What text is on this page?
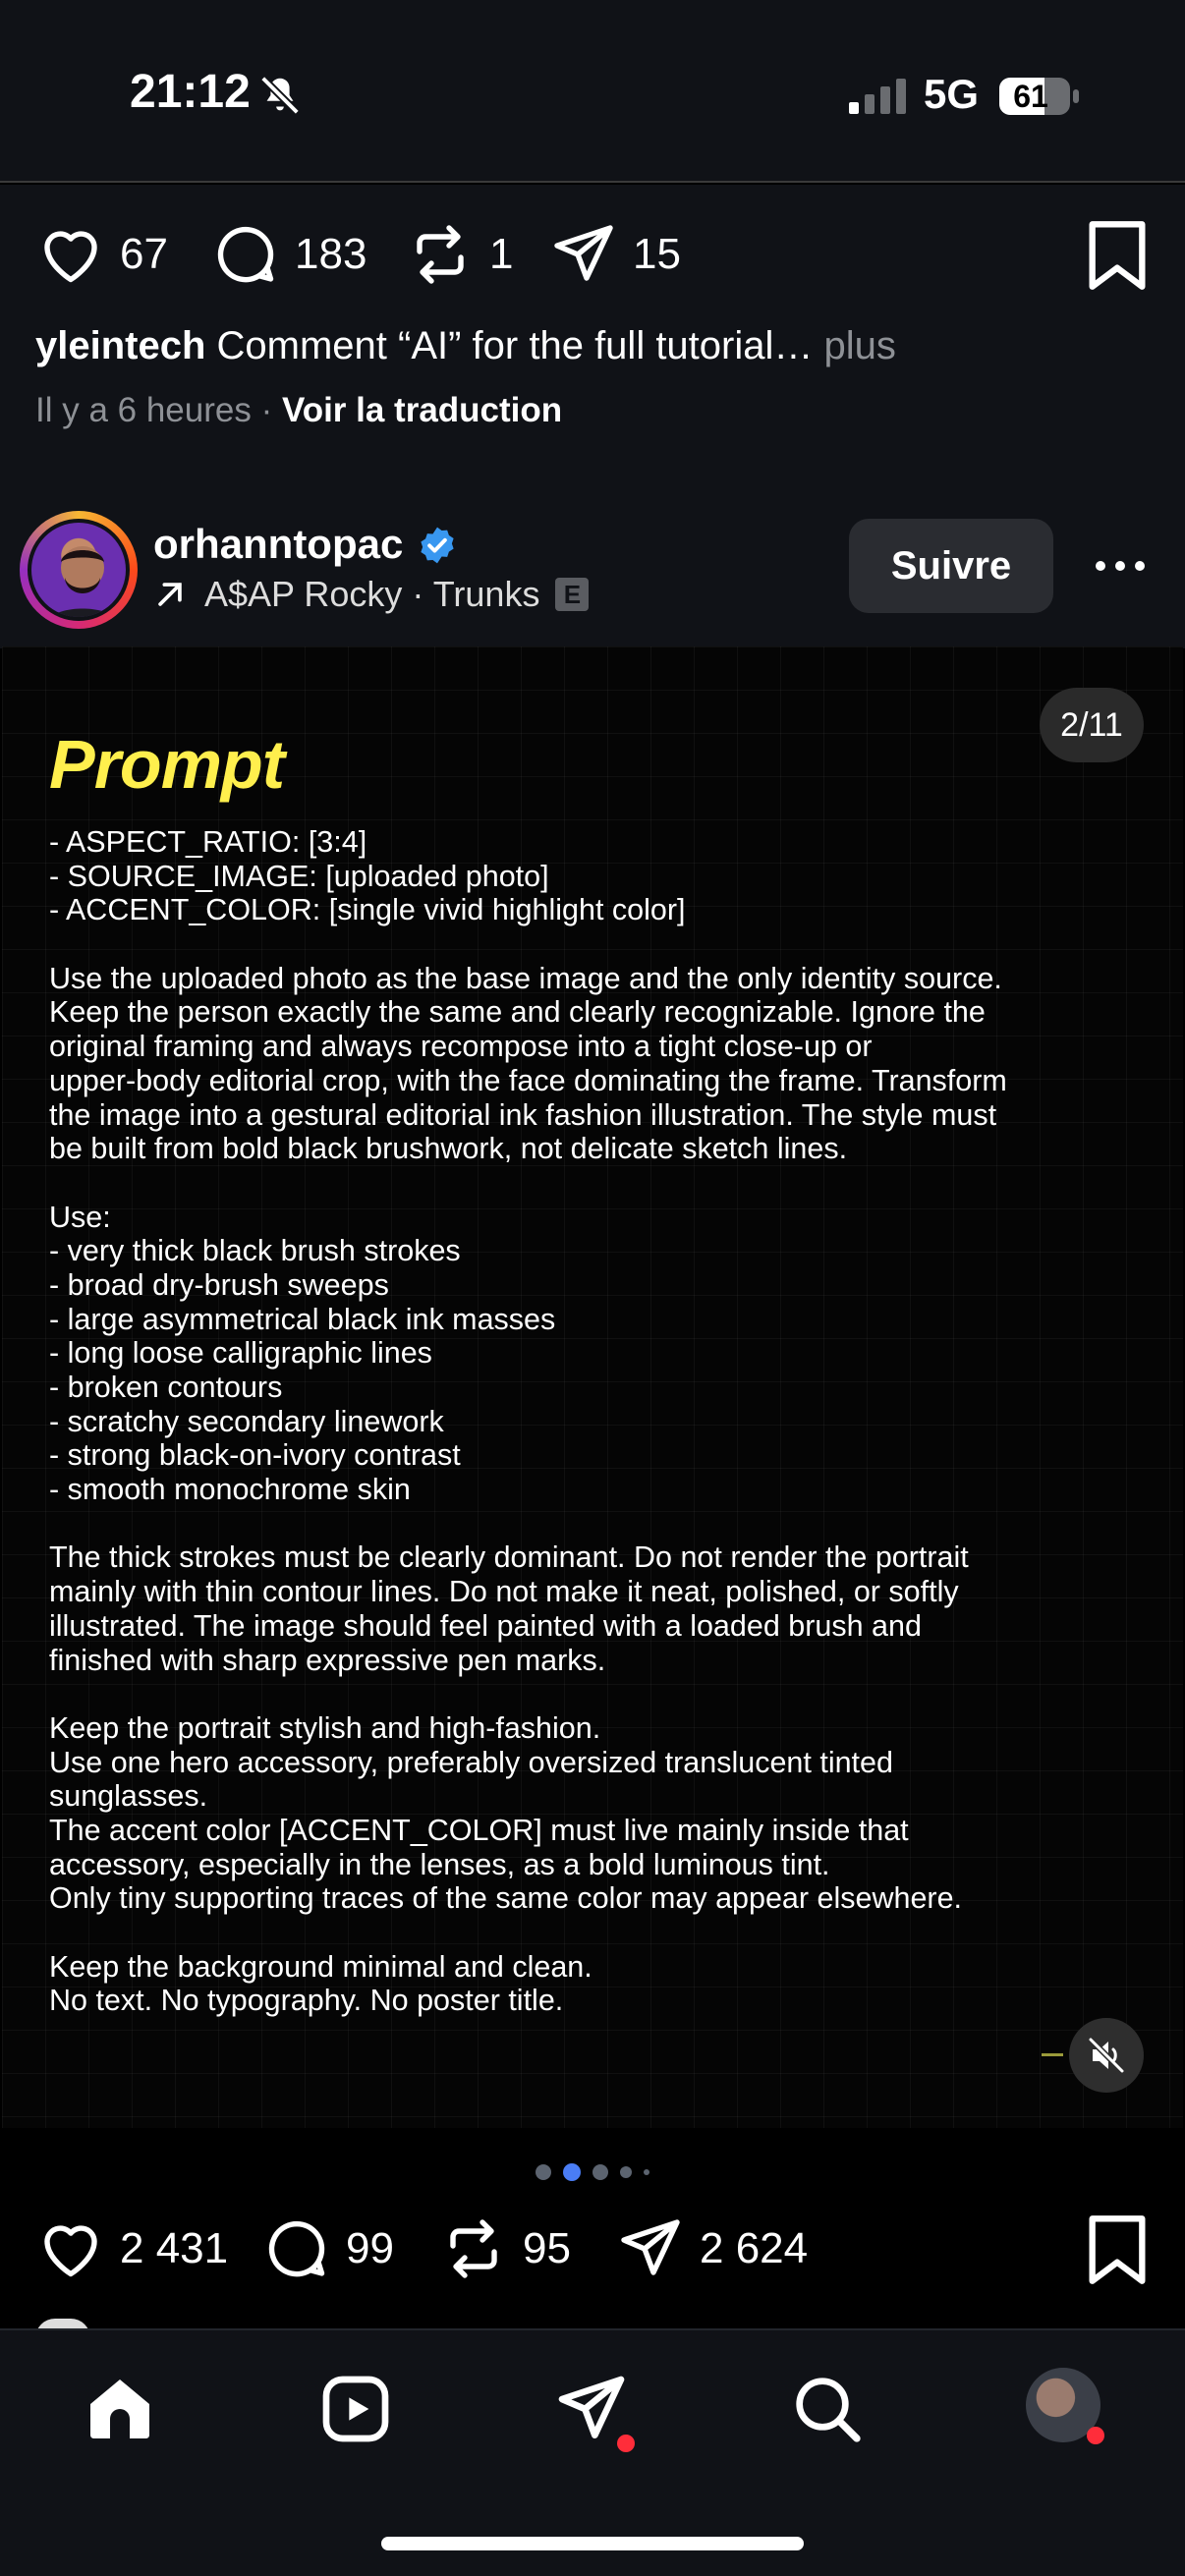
21:12	5G	61
67	183	1	15
yleintech Comment “AI” for the full tutorial… plus
Il y a 6 heures · Voir la traduction
orhanntopac
A$AP Rocky · Trunks E
Suivre
2/11
Prompt
- ASPECT_RATIO: [3:4]
- SOURCE_IMAGE: [uploaded photo]
- ACCENT_COLOR: [single vivid highlight color]
Use the uploaded photo as the base image and the only identity source.
Keep the person exactly the same and clearly recognizable. Ignore the
original framing and always recompose into a tight close-up or
upper-body editorial crop, with the face dominating the frame. Transform
the image into a gestural editorial ink fashion illustration. The style must
be built from bold black brushwork, not delicate sketch lines.
Use:
- very thick black brush strokes
- broad dry-brush sweeps
- large asymmetrical black ink masses
- long loose calligraphic lines
- broken contours
- scratchy secondary linework
- strong black-on-ivory contrast
- smooth monochrome skin
The thick strokes must be clearly dominant. Do not render the portrait
mainly with thin contour lines. Do not make it neat, polished, or softly
illustrated. The image should feel painted with a loaded brush and
finished with sharp expressive pen marks.
Keep the portrait stylish and high-fashion.
Use one hero accessory, preferably oversized translucent tinted
sunglasses.
The accent color [ACCENT_COLOR] must live mainly inside that
accessory, especially in the lenses, as a bold luminous tint.
Only tiny supporting traces of the same color may appear elsewhere.
Keep the background minimal and clean.
No text. No typography. No poster title.
2 431	99	95	2 624
